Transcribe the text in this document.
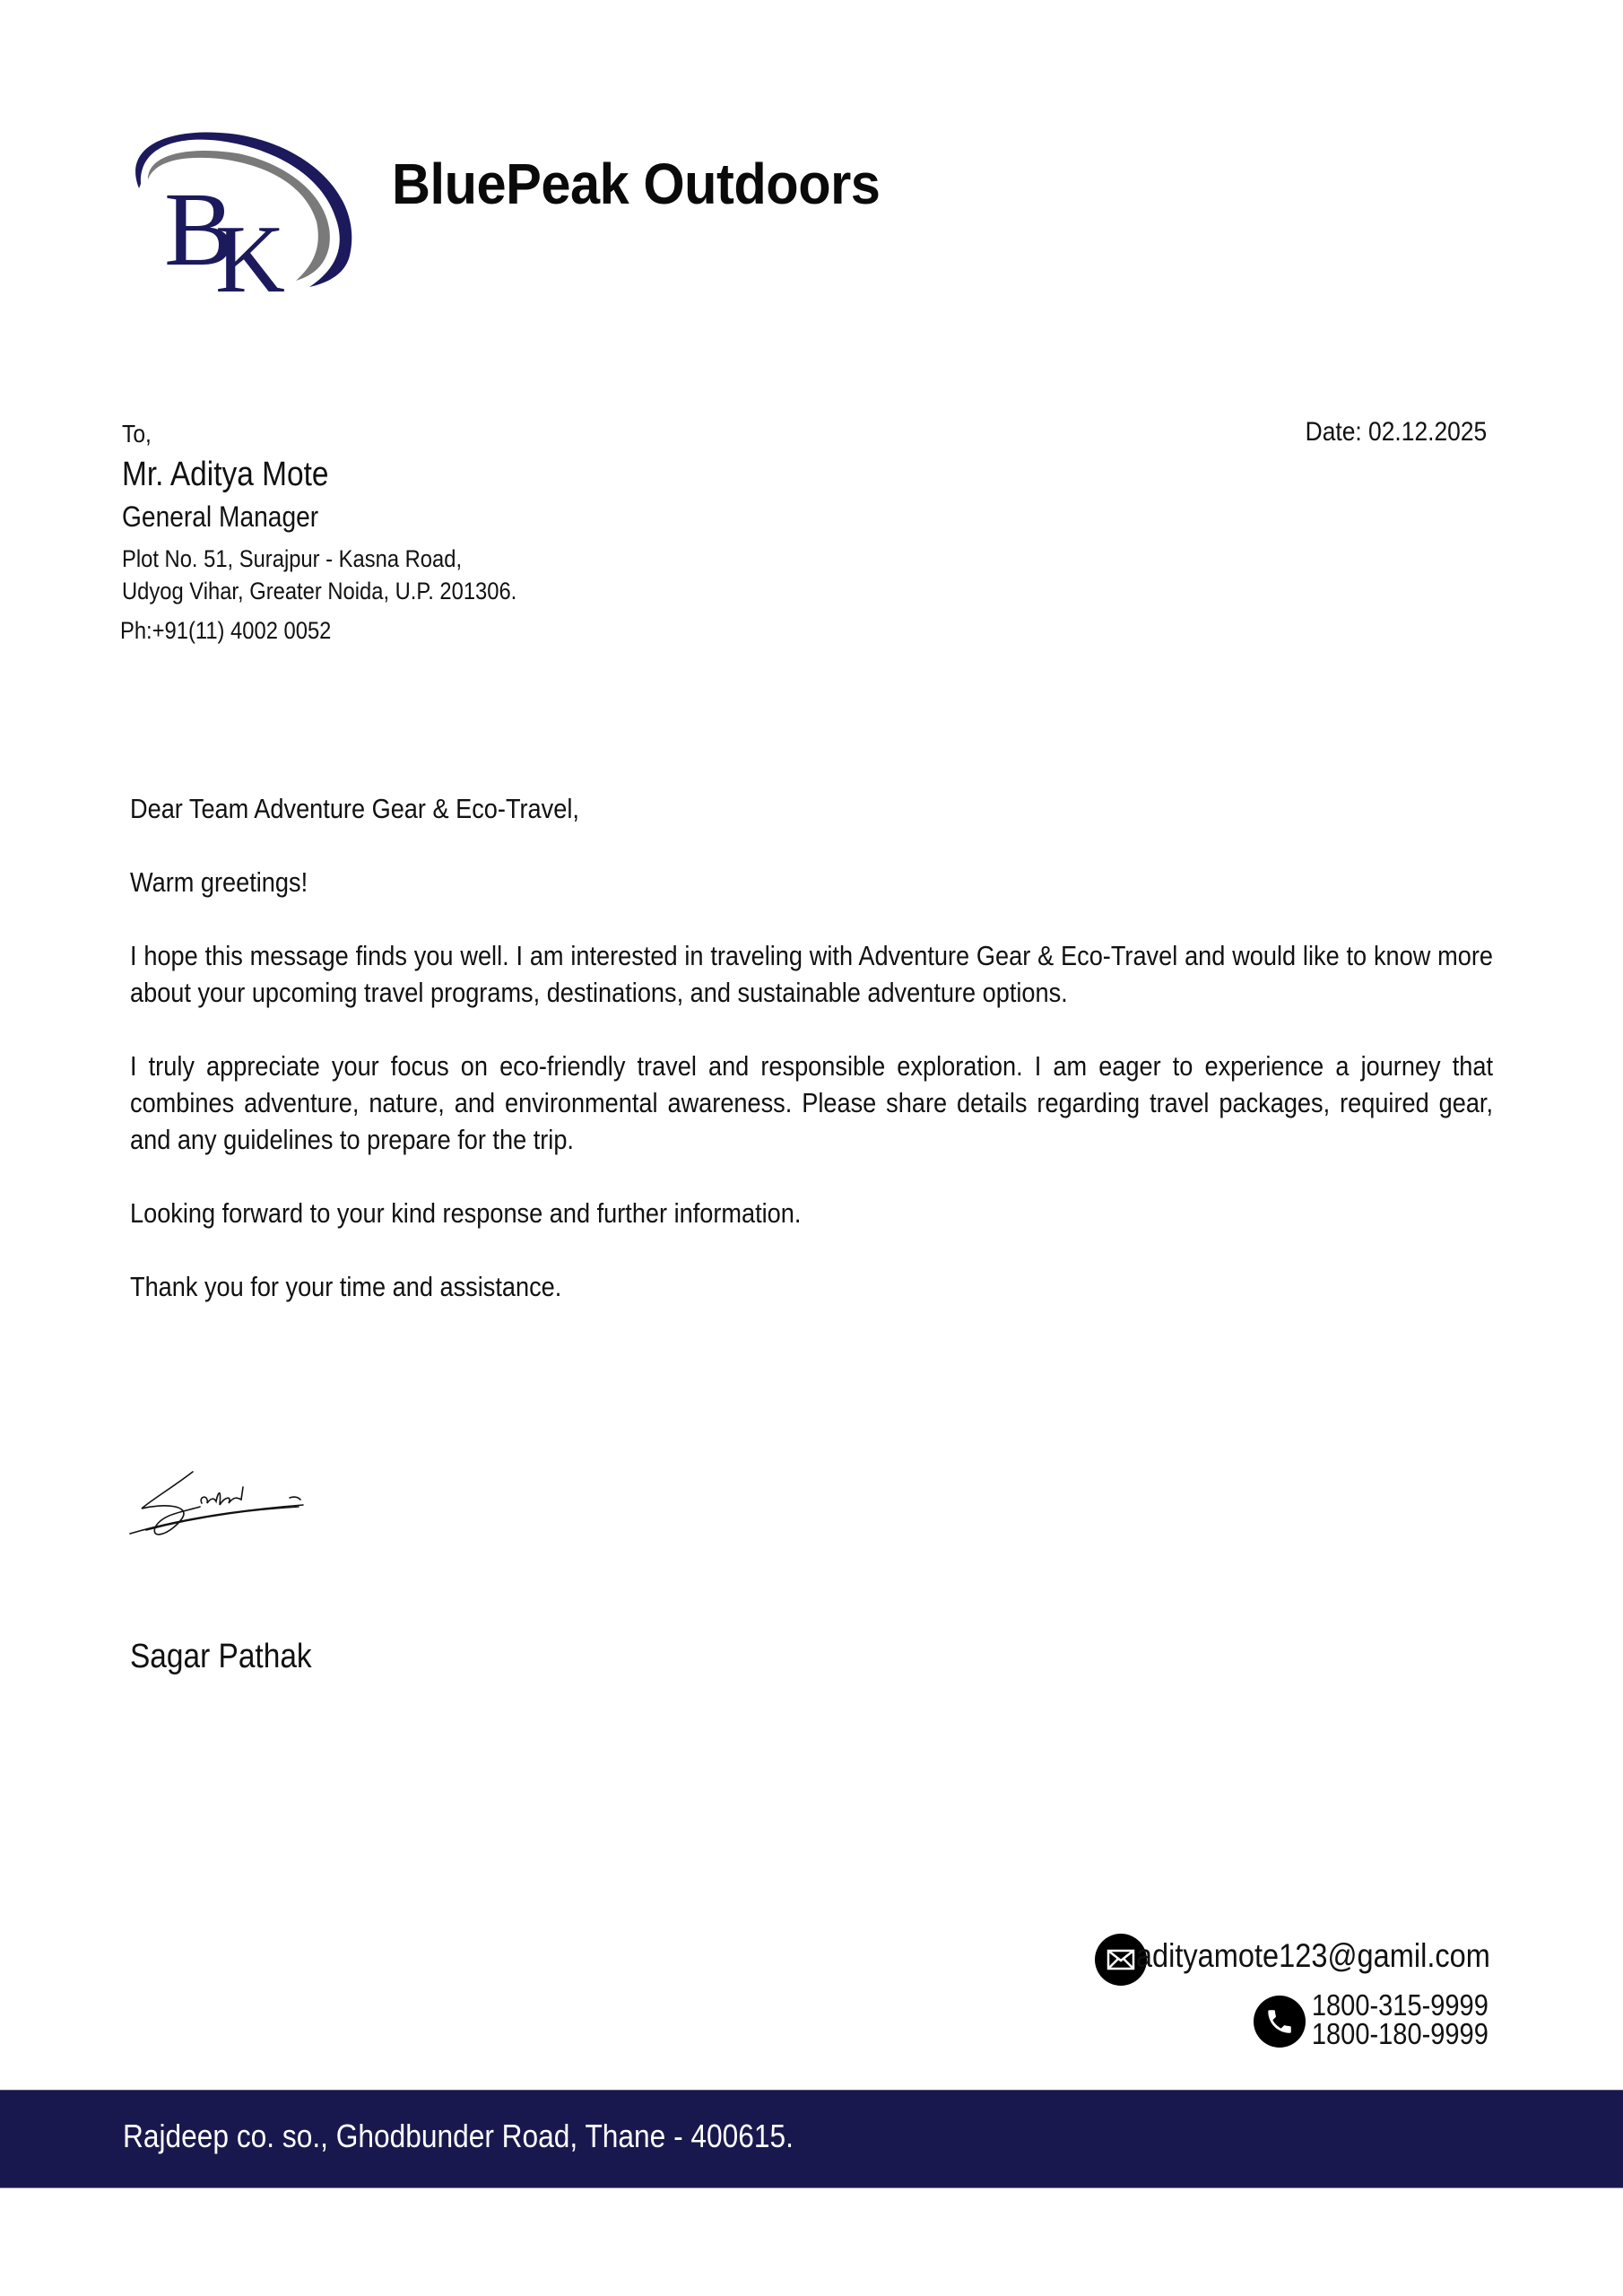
B
K
BluePeak Outdoors
To,
Mr. Aditya Mote
General Manager
Plot No. 51, Surajpur - Kasna Road,
Udyog Vihar, Greater Noida, U.P. 201306.
Ph:+91(11) 4002 0052
Date: 02.12.2025

Dear Team Adventure Gear & Eco-Travel,

Warm greetings!

I hope this message finds you well. I am interested in traveling with Adventure Gear & Eco-Travel and would like to know more about your upcoming travel programs, destinations, and sustainable adventure options.

I truly appreciate your focus on eco-friendly travel and responsible exploration. I am eager to experience a journey that combines adventure, nature, and environmental awareness. Please share details regarding travel packages, required gear, and any guidelines to prepare for the trip.

Looking forward to your kind response and further information.

Thank you for your time and assistance.

Sagar Pathak
adityamote123@gamil.com
1800-315-9999
1800-180-9999
Rajdeep co. so., Ghodbunder Road, Thane - 400615.
